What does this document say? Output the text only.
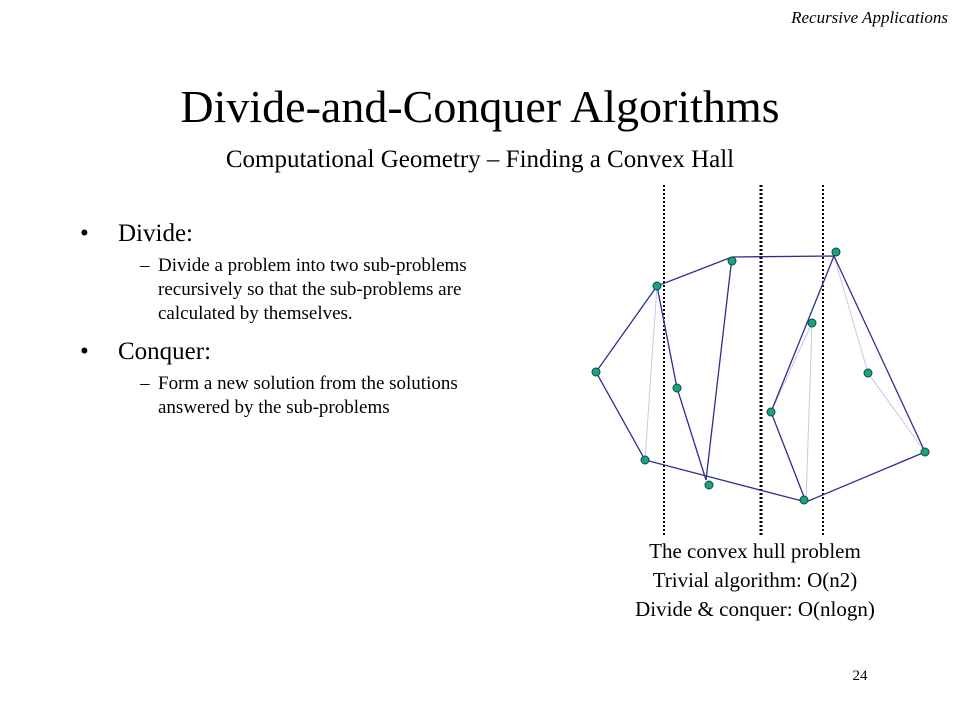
Recursive Applications
Divide-and-Conquer Algorithms
Computational Geometry – Finding a Convex Hall
• Divide:
– Divide a problem into two sub-problems recursively so that the sub-problems are calculated by themselves.
• Conquer:
– Form a new solution from the solutions answered by the sub-problems
The convex hull problem
Trivial algorithm: O(n2)
Divide & conquer: O(nlogn)
24
